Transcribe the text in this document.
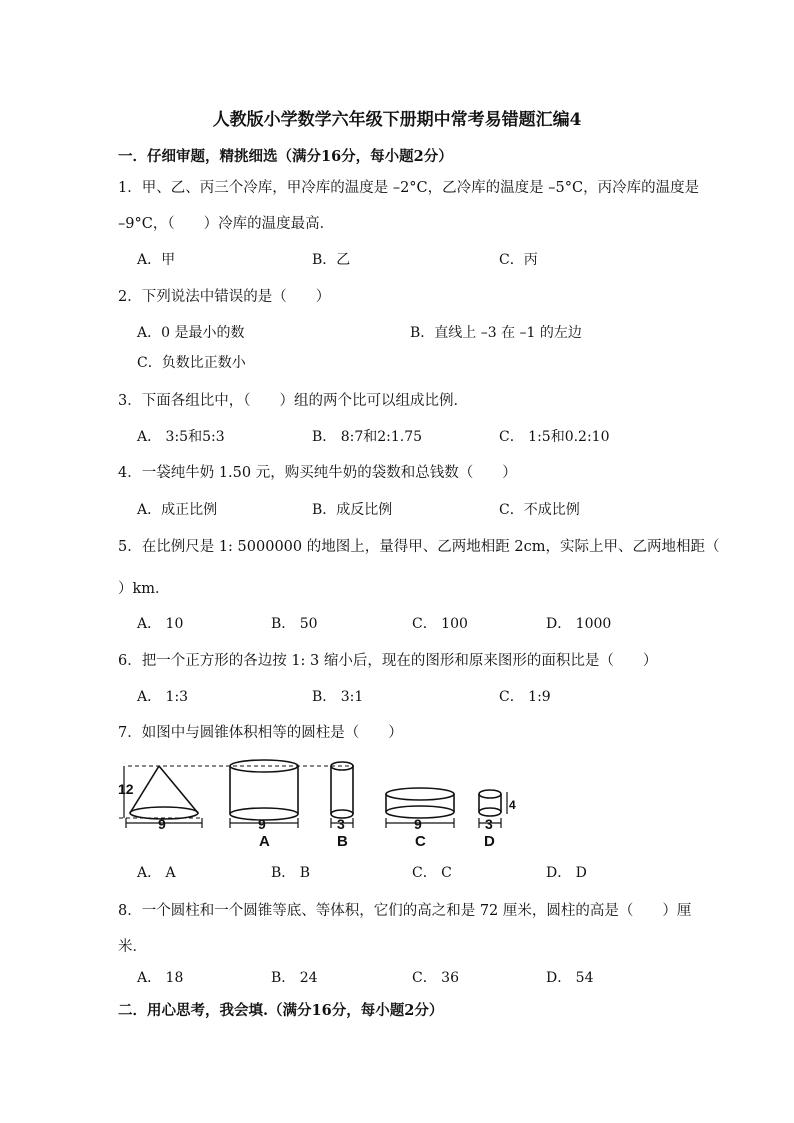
人教版小学数学六年级下册期中常考易错题汇编4
一．仔细审题，精挑细选（满分16分，每小题2分）
1．甲、乙、丙三个冷库，甲冷库的温度是 –2°C，乙冷库的温度是 –5°C，丙冷库的温度是
–9°C，（　　）冷库的温度最高．
A．甲	B．乙	C．丙
2．下列说法中错误的是（　　）
A．0 是最小的数	B．直线上 –3 在 –1 的左边
C．负数比正数小
3．下面各组比中，（　　）组的两个比可以组成比例．
A． 3:5和5:3	B． 8:7和2:1.75	C． 1:5和0.2:10
4．一袋纯牛奶 1.50 元，购买纯牛奶的袋数和总钱数（　　）
A．成正比例	B．成反比例	C．不成比例
5．在比例尺是 1: 5000000 的地图上，量得甲、乙两地相距 2cm，实际上甲、乙两地相距（
）km．
A． 10	B． 50	C． 100	D． 1000
6．把一个正方形的各边按 1: 3 缩小后，现在的图形和原来图形的面积比是（　　）
A． 1:3	B． 3:1	C． 1:9
7．如图中与圆锥体积相等的圆柱是（　　）
12
9	9	3	9	3
4
A	B	C	D
A． A	B． B	C． C	D． D
8．一个圆柱和一个圆锥等底、等体积，它们的高之和是 72 厘米，圆柱的高是（　　）厘
米．
A． 18	B． 24	C． 36	D． 54
二．用心思考，我会填.（满分16分，每小题2分）
